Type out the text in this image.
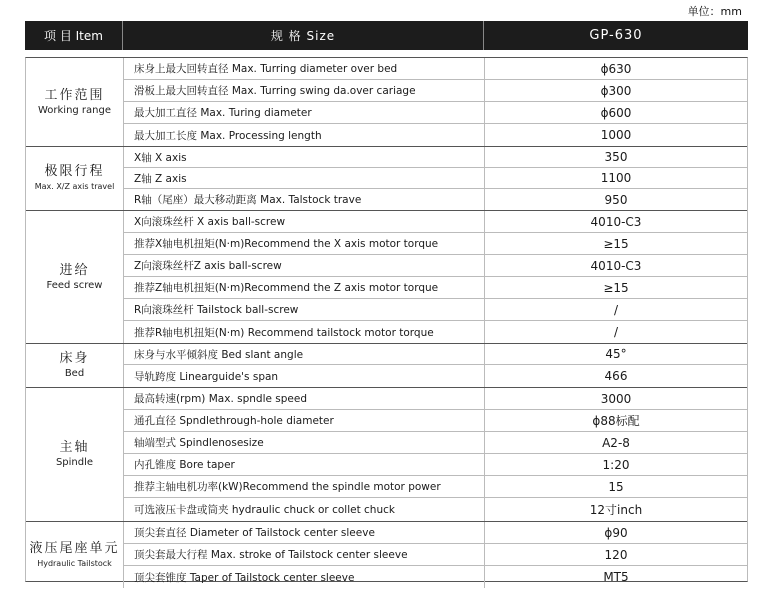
单位：mm
项 目 Item	规 格 Size	GP-630
工作范围
Working range
床身上最大回转直径 Max. Turring diameter over bed	ϕ630
滑板上最大回转直径 Max. Turring swing da.over cariage	ϕ300
最大加工直径 Max. Turing diameter	ϕ600
最大加工长度 Max. Processing length	1000
极限行程
Max. X/Z axis travel
X轴 X axis	350
Z轴 Z axis	1100
R轴（尾座）最大移动距离 Max. Talstock trave	950
进给
Feed screw
X向滚珠丝杆 X axis ball-screw	4010-C3
推荐X轴电机扭矩(N·m)Recommend the X axis motor torque	≥15
Z向滚珠丝杆Z axis ball-screw	4010-C3
推荐Z轴电机扭矩(N·m)Recommend the Z axis motor torque	≥15
R向滚珠丝杆 Tailstock ball-screw	/
推荐R轴电机扭矩(N·m) Recommend tailstock motor torque	/
床身
Bed
床身与水平倾斜度 Bed slant angle	45°
导轨跨度 Linearguide's span	466
主轴
Spindle
最高转速(rpm) Max. spndle speed	3000
通孔直径 Spndlethrough-hole diameter	ϕ88标配
轴端型式 Spindlenosesize	A2-8
内孔锥度 Bore taper	1:20
推荐主轴电机功率(kW)Recommend the spindle motor power	15
可选液压卡盘或筒夹 hydraulic chuck or collet chuck	12寸inch
液压尾座单元
Hydraulic Tailstock
顶尖套直径 Diameter of Tailstock center sleeve	ϕ90
顶尖套最大行程 Max. stroke of Tailstock center sleeve	120
顶尖套锥度 Taper of Tailstock center sleeve	MT5
